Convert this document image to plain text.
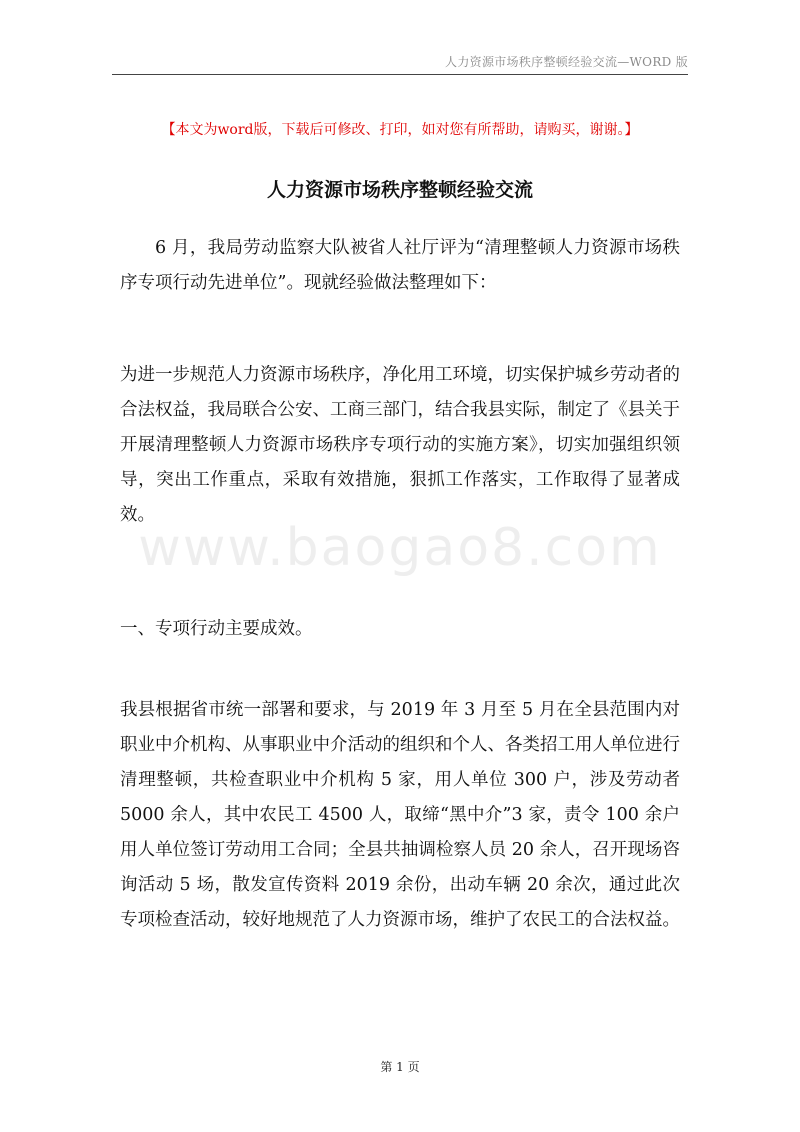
人力资源市场秩序整顿经验交流—WORD 版
【本文为word版，下载后可修改、打印，如对您有所帮助，请购买，谢谢。】
人力资源市场秩序整顿经验交流

6 月，我局劳动监察大队被省人社厅评为“清理整顿人力资源市场秩序专项行动先进单位”。现就经验做法整理如下：

为进一步规范人力资源市场秩序，净化用工环境，切实保护城乡劳动者的合法权益，我局联合公安、工商三部门，结合我县实际，制定了《县关于开展清理整顿人力资源市场秩序专项行动的实施方案》，切实加强组织领导，突出工作重点，采取有效措施，狠抓工作落实，工作取得了显著成效。

www.baogao8.com

一、专项行动主要成效。

我县根据省市统一部署和要求，与 2019 年 3 月至 5 月在全县范围内对职业中介机构、从事职业中介活动的组织和个人、各类招工用人单位进行清理整顿，共检查职业中介机构 5 家，用人单位 300 户，涉及劳动者 5000 余人，其中农民工 4500 人，取缔“黑中介”3 家，责令 100 余户用人单位签订劳动用工合同；全县共抽调检察人员 20 余人，召开现场咨询活动 5 场，散发宣传资料 2019 余份，出动车辆 20 余次，通过此次专项检查活动，较好地规范了人力资源市场，维护了农民工的合法权益。

第 1 页
